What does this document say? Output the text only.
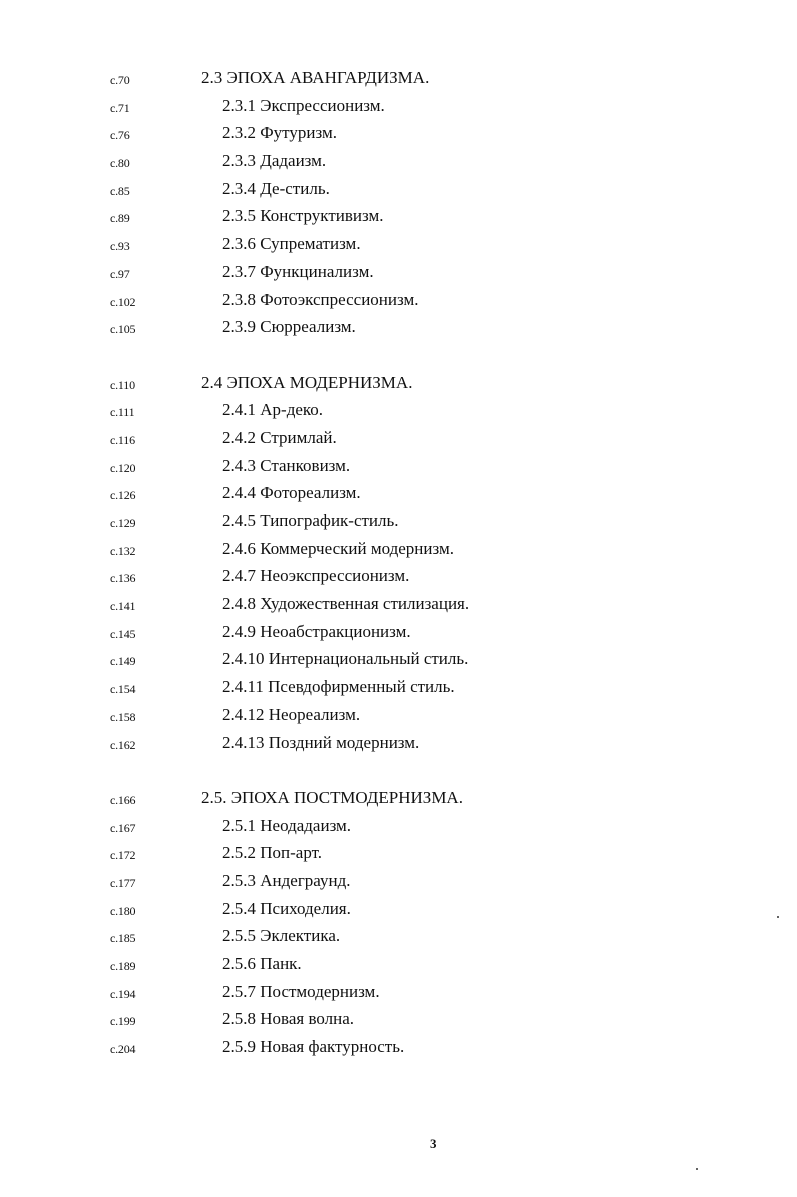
c.70	2.3 ЭПОХА АВАНГАРДИЗМА.
c.71	2.3.1 Экспрессионизм.
c.76	2.3.2 Футуризм.
c.80	2.3.3 Дадаизм.
c.85	2.3.4 Де-стиль.
c.89	2.3.5 Конструктивизм.
c.93	2.3.6 Супрематизм.
c.97	2.3.7 Функцинализм.
c.102	2.3.8 Фотоэкспрессионизм.
c.105	2.3.9 Сюрреализм.
c.110	2.4 ЭПОХА МОДЕРНИЗМА.
c.111	2.4.1 Ар-деко.
c.116	2.4.2 Стримлай.
c.120	2.4.3 Станковизм.
c.126	2.4.4 Фотореализм.
c.129	2.4.5 Типографик-стиль.
c.132	2.4.6 Коммерческий модернизм.
c.136	2.4.7 Неоэкспрессионизм.
c.141	2.4.8 Художественная стилизация.
c.145	2.4.9 Неоабстракционизм.
c.149	2.4.10 Интернациональный стиль.
c.154	2.4.11 Псевдофирменный стиль.
c.158	2.4.12 Неореализм.
c.162	2.4.13 Поздний модернизм.
c.166	2.5. ЭПОХА ПОСТМОДЕРНИЗМА.
c.167	2.5.1 Неодадаизм.
c.172	2.5.2 Поп-арт.
c.177	2.5.3 Андеграунд.
c.180	2.5.4 Психоделия.
c.185	2.5.5 Эклектика.
c.189	2.5.6 Панк.
c.194	2.5.7 Постмодернизм.
c.199	2.5.8 Новая волна.
c.204	2.5.9 Новая фактурность.
3
